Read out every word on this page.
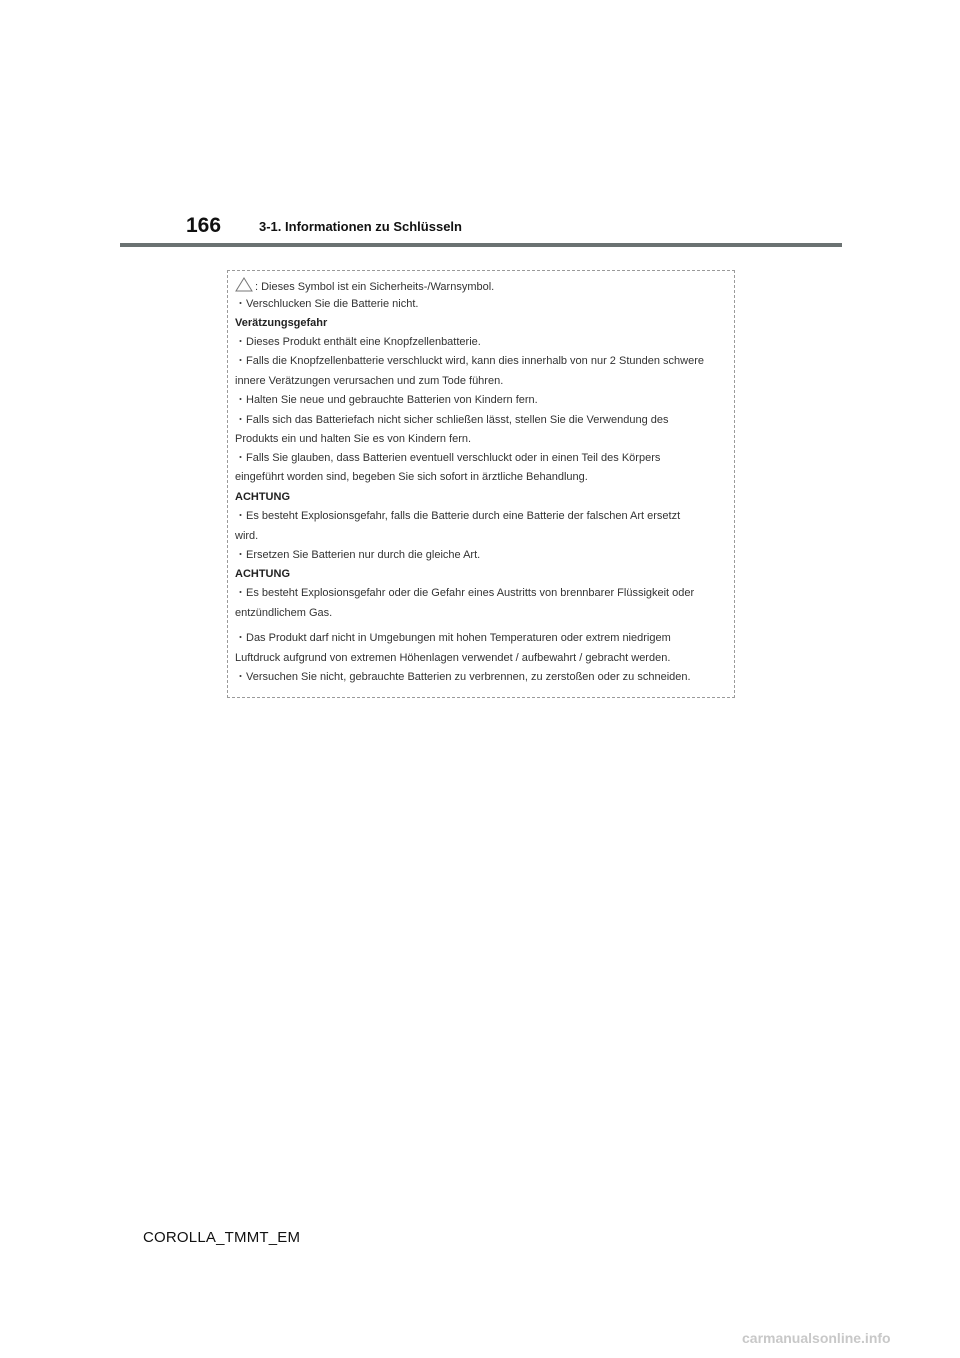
166	3-1. Informationen zu Schlüsseln
: Dieses Symbol ist ein Sicherheits-/Warnsymbol.
・Verschlucken Sie die Batterie nicht.
Verätzungsgefahr
・Dieses Produkt enthält eine Knopfzellenbatterie.
・Falls die Knopfzellenbatterie verschluckt wird, kann dies innerhalb von nur 2 Stunden schwere
innere Verätzungen verursachen und zum Tode führen.
・Halten Sie neue und gebrauchte Batterien von Kindern fern.
・Falls sich das Batteriefach nicht sicher schließen lässt, stellen Sie die Verwendung des
Produkts ein und halten Sie es von Kindern fern.
・Falls Sie glauben, dass Batterien eventuell verschluckt oder in einen Teil des Körpers
eingeführt worden sind, begeben Sie sich sofort in ärztliche Behandlung.
ACHTUNG
・Es besteht Explosionsgefahr, falls die Batterie durch eine Batterie der falschen Art ersetzt
wird.
・Ersetzen Sie Batterien nur durch die gleiche Art.
ACHTUNG
・Es besteht Explosionsgefahr oder die Gefahr eines Austritts von brennbarer Flüssigkeit oder
entzündlichem Gas.
・Das Produkt darf nicht in Umgebungen mit hohen Temperaturen oder extrem niedrigem
Luftdruck aufgrund von extremen Höhenlagen verwendet / aufbewahrt / gebracht werden.
・Versuchen Sie nicht, gebrauchte Batterien zu verbrennen, zu zerstoßen oder zu schneiden.
COROLLA_TMMT_EM
carmanualsonline.info
